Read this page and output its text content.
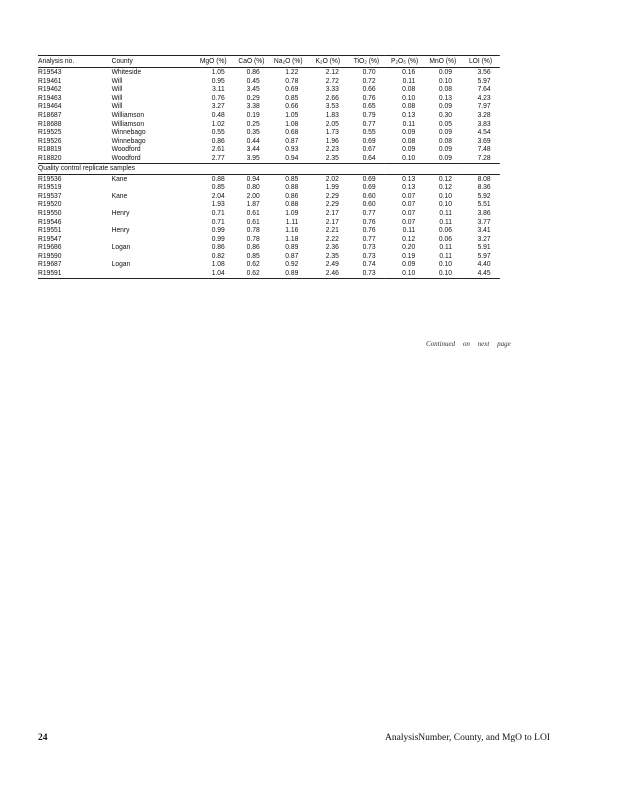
Analysis no.	County	MgO (%)	CaO (%)	Na₂O (%)	K₂O (%)	TiO₂ (%)	P₂O₅ (%)	MnO (%)	LOI (%)
R19543	Whiteside	1.05	0.86	1.22	2.12	0.70	0.16	0.09	3.56
R19461	Will	0.95	0.45	0.78	2.72	0.72	0.11	0.10	5.97
R19462	Will	3.11	3.45	0.69	3.33	0.66	0.08	0.08	7.64
R19463	Will	0.76	0.29	0.85	2.66	0.76	0.10	0.13	4.23
R19464	Will	3.27	3.38	0.66	3.53	0.65	0.08	0.09	7.97
R18687	Williamson	0.48	0.19	1.05	1.83	0.79	0.13	0.30	3.28
R18688	Williamson	1.02	0.25	1.08	2.05	0.77	0.11	0.05	3.83
R19525	Winnebago	0.55	0.35	0.68	1.73	0.55	0.09	0.09	4.54
R19526	Winnebago	0.86	0.44	0.87	1.96	0.69	0.08	0.08	3.69
R18819	Woodford	2.61	3.44	0.93	2.23	0.67	0.09	0.09	7.48
R18820	Woodford	2.77	3.95	0.94	2.35	0.64	0.10	0.09	7.28
Quality control replicate samples									
R19536	Kane	0.88	0.94	0.85	2.02	0.69	0.13	0.12	8.08
R19519		0.85	0.80	0.88	1.99	0.69	0.13	0.12	8.36
R19537	Kane	2.04	2.00	0.86	2.29	0.60	0.07	0.10	5.92
R19520		1.93	1.87	0.88	2.29	0.60	0.07	0.10	5.51
R19550	Henry	0.71	0.61	1.09	2.17	0.77	0.07	0.11	3.86
R19546		0.71	0.61	1.11	2.17	0.76	0.07	0.11	3.77
R19551	Henry	0.99	0.78	1.16	2.21	0.76	0.11	0.06	3.41
R19547		0.99	0.78	1.18	2.22	0.77	0.12	0.06	3.27
R19686	Logan	0.86	0.86	0.89	2.36	0.73	0.20	0.11	5.91
R19590		0.82	0.85	0.87	2.35	0.73	0.19	0.11	5.97
R19687	Logan	1.08	0.62	0.92	2.49	0.74	0.09	0.10	4.40
R19591		1.04	0.62	0.89	2.46	0.73	0.10	0.10	4.45
Continued on next page
24	AnalysisNumber, County, and MgO to LOI
